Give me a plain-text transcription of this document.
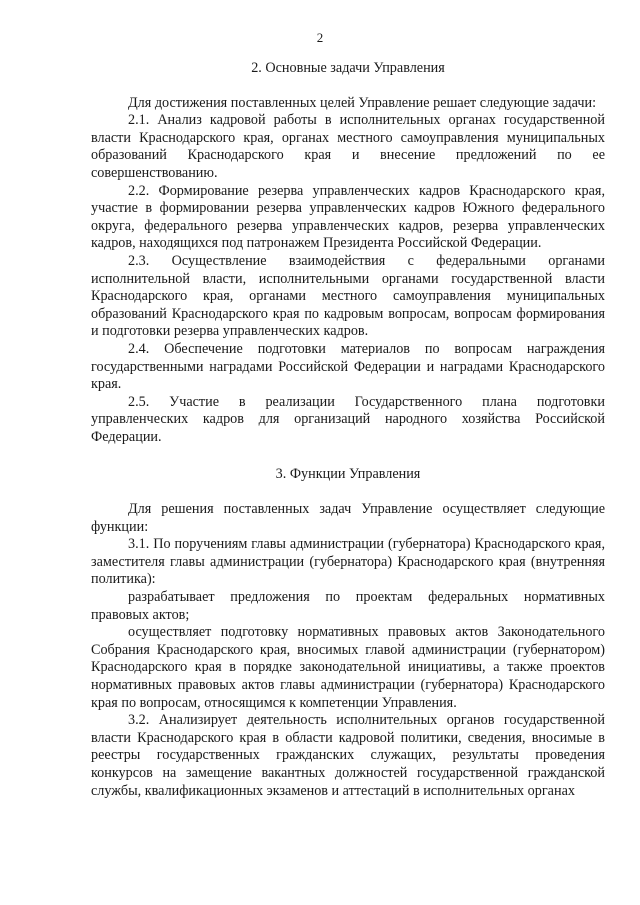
2
2. Основные задачи Управления

Для достижения поставленных целей Управление решает следующие задачи:

2.1. Анализ кадровой работы в исполнительных органах государственной власти Краснодарского края, органах местного самоуправления муниципальных образований Краснодарского края и внесение предложений по ее совершенствованию.

2.2. Формирование резерва управленческих кадров Краснодарского края, участие в формировании резерва управленческих кадров Южного федерального округа, федерального резерва управленческих кадров, резерва управленческих кадров, находящихся под патронажем Президента Российской Федерации.

2.3. Осуществление взаимодействия с федеральными органами исполнительной власти, исполнительными органами государственной власти Краснодарского края, органами местного самоуправления муниципальных образований Краснодарского края по кадровым вопросам, вопросам формирования и подготовки резерва управленческих кадров.

2.4. Обеспечение подготовки материалов по вопросам награждения государственными наградами Российской Федерации и наградами Краснодарского края.

2.5. Участие в реализации Государственного плана подготовки управленческих кадров для организаций народного хозяйства Российской Федерации.

3. Функции Управления

Для решения поставленных задач Управление осуществляет следующие функции:

3.1. По поручениям главы администрации (губернатора) Краснодарского края, заместителя главы администрации (губернатора) Краснодарского края (внутренняя политика):

разрабатывает предложения по проектам федеральных нормативных правовых актов;

осуществляет подготовку нормативных правовых актов Законодательного Собрания Краснодарского края, вносимых главой администрации (губернатором) Краснодарского края в порядке законодательной инициативы, а также проектов нормативных правовых актов главы администрации (губернатора) Краснодарского края по вопросам, относящимся к компетенции Управления.

3.2. Анализирует деятельность исполнительных органов государственной власти Краснодарского края в области кадровой политики, сведения, вносимые в реестры государственных гражданских служащих, результаты проведения конкурсов на замещение вакантных должностей государственной гражданской службы, квалификационных экзаменов и аттестаций в исполнительных органах
